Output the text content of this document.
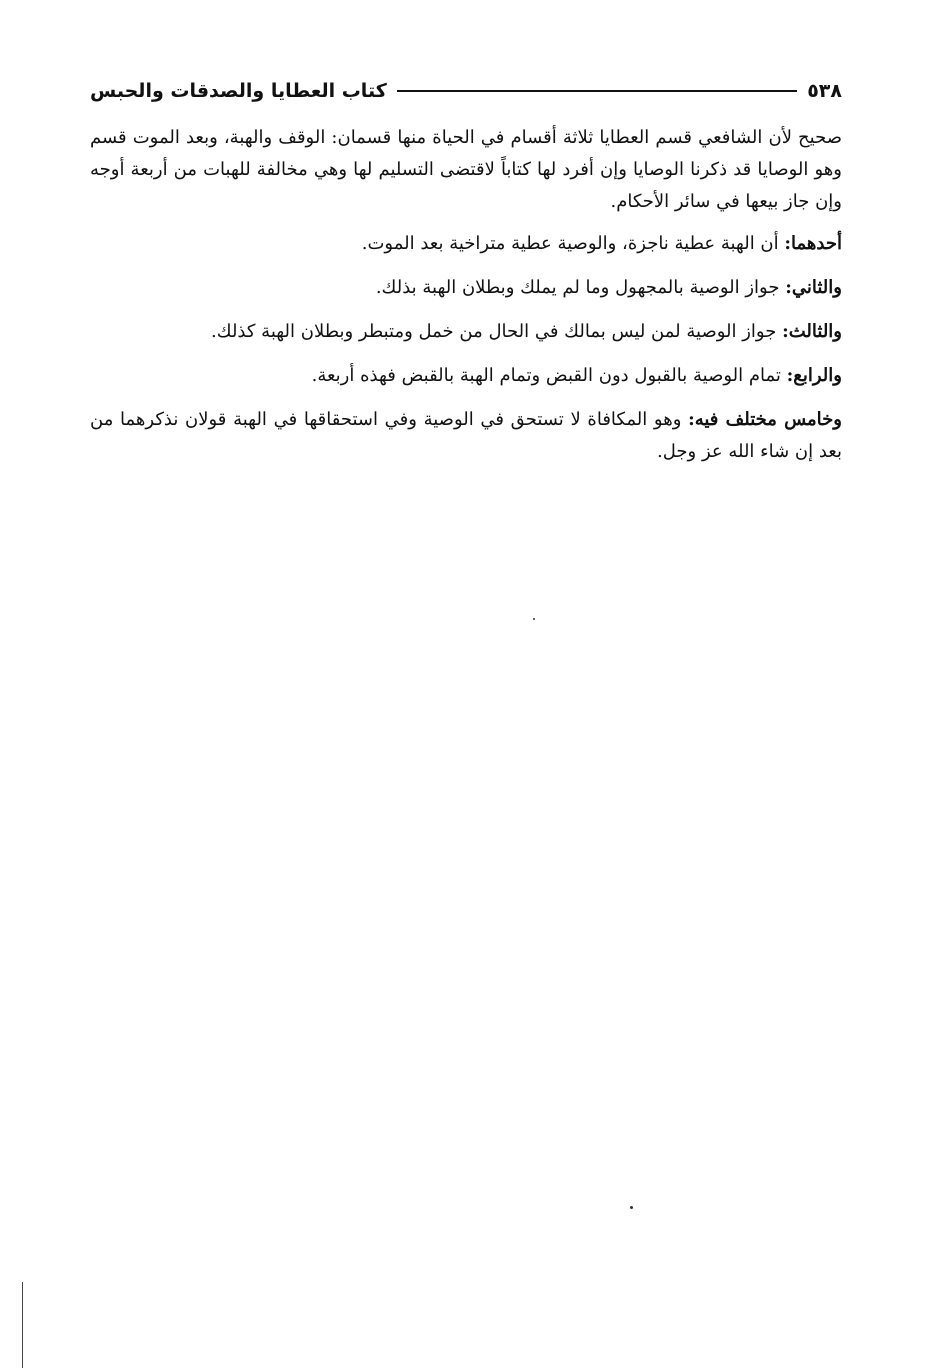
٥٣٨
كتاب العطايا والصدقات والحبس

صحيح لأن الشافعي قسم العطايا ثلاثة أقسام في الحياة منها قسمان: الوقف والهبة، وبعد الموت قسم وهو الوصايا قد ذكرنا الوصايا وإن أفرد لها كتاباً لاقتضى التسليم لها وهي مخالفة للهبات من أربعة أوجه وإن جاز بيعها في سائر الأحكام.

أحدهما: أن الهبة عطية ناجزة، والوصية عطية متراخية بعد الموت.

والثاني: جواز الوصية بالمجهول وما لم يملك وبطلان الهبة بذلك.

والثالث: جواز الوصية لمن ليس بمالك في الحال من خمل ومتبطر وبطلان الهبة كذلك.

والرابع: تمام الوصية بالقبول دون القبض وتمام الهبة بالقبض فهذه أربعة.

وخامس مختلف فيه: وهو المكافاة لا تستحق في الوصية وفي استحقاقها في الهبة قولان نذكرهما من بعد إن شاء الله عز وجل.
